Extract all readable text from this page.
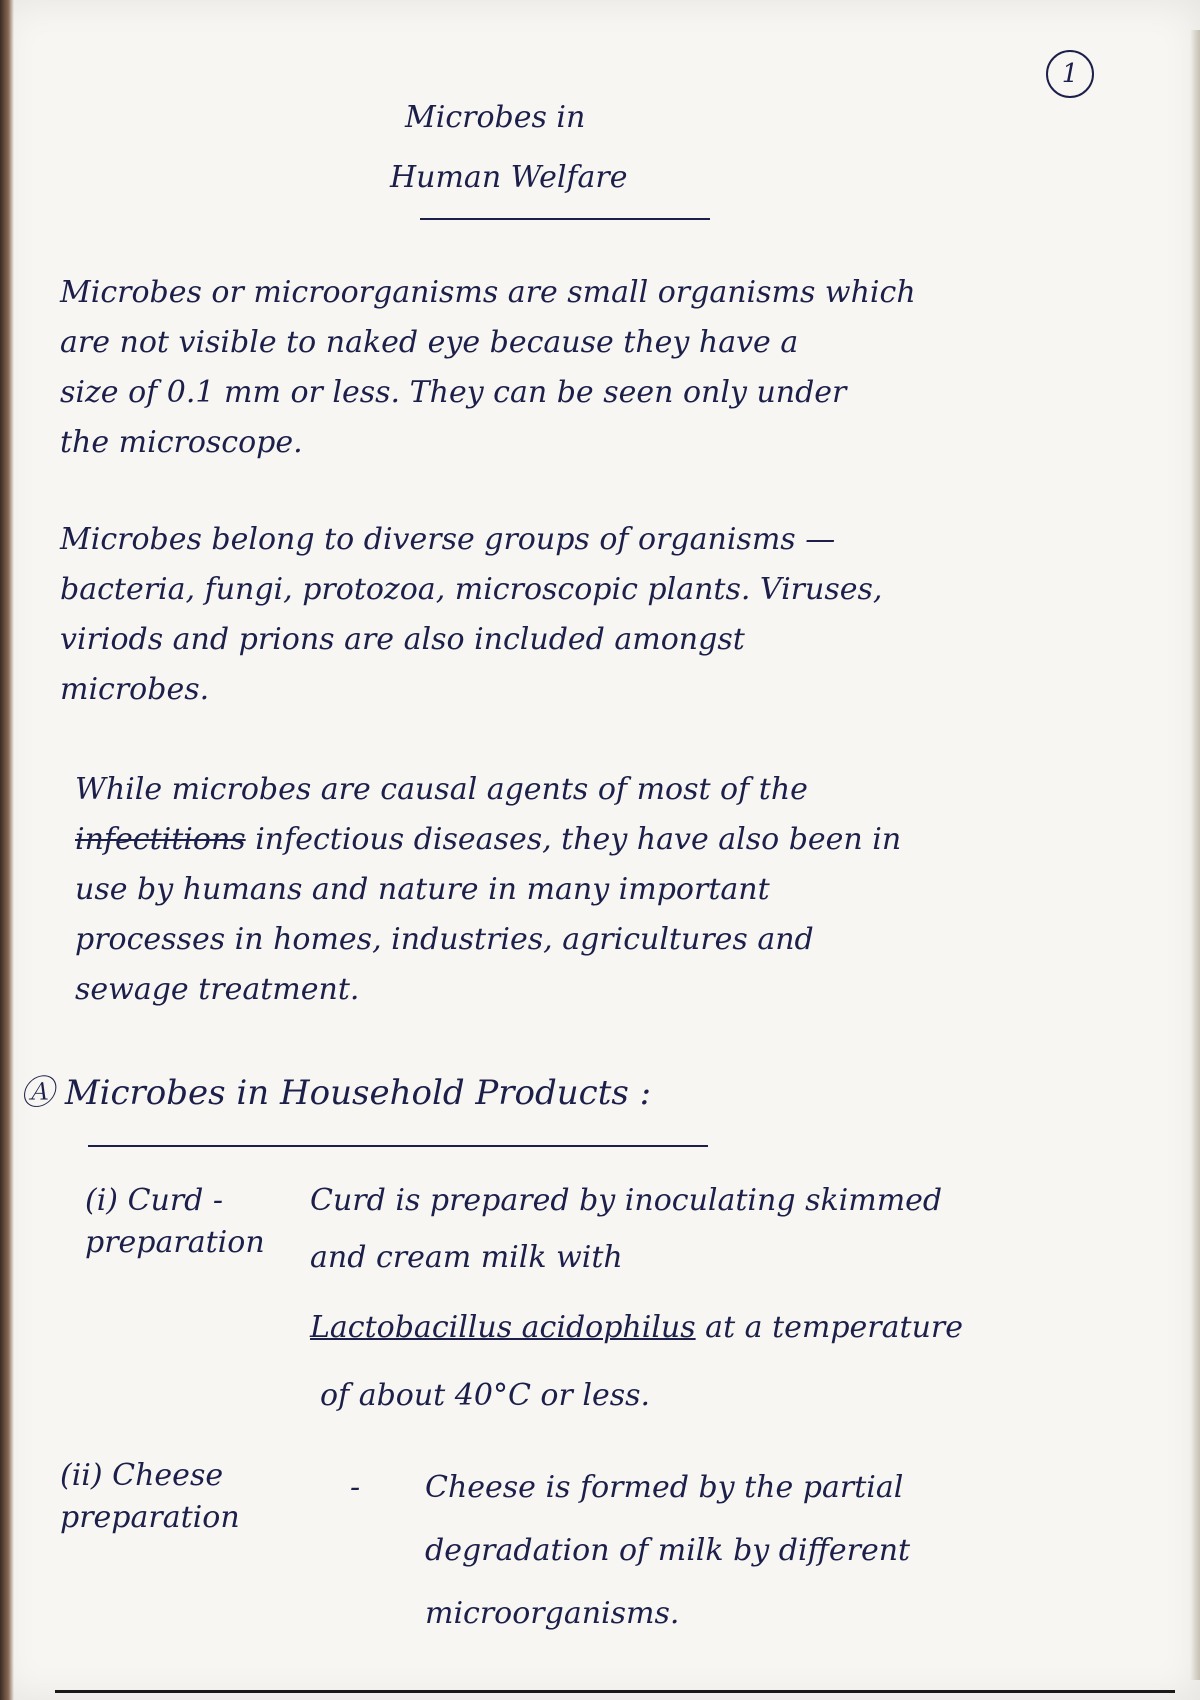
1
Microbes in
Human Welfare
Microbes or microorganisms are small organisms which
are not visible to naked eye because they have a
size of 0.1 mm or less. They can be seen only under
the microscope.
Microbes belong to diverse groups of organisms —
bacteria, fungi, protozoa, microscopic plants. Viruses,
viriods and prions are also included amongst
microbes.
While microbes are causal agents of most of the
infectitions infectious diseases, they have also been in
use by humans and nature in many important
processes in homes, industries, agricultures and
sewage treatment.
Ⓐ Microbes in Household Products :
(i) Curd -
preparation
Curd is prepared by inoculating skimmed
and cream milk with
Lactobacillus acidophilus at a temperature
of about 40°C or less.
(ii) Cheese
preparation
- Cheese is formed by the partial
degradation of milk by different
microorganisms.
